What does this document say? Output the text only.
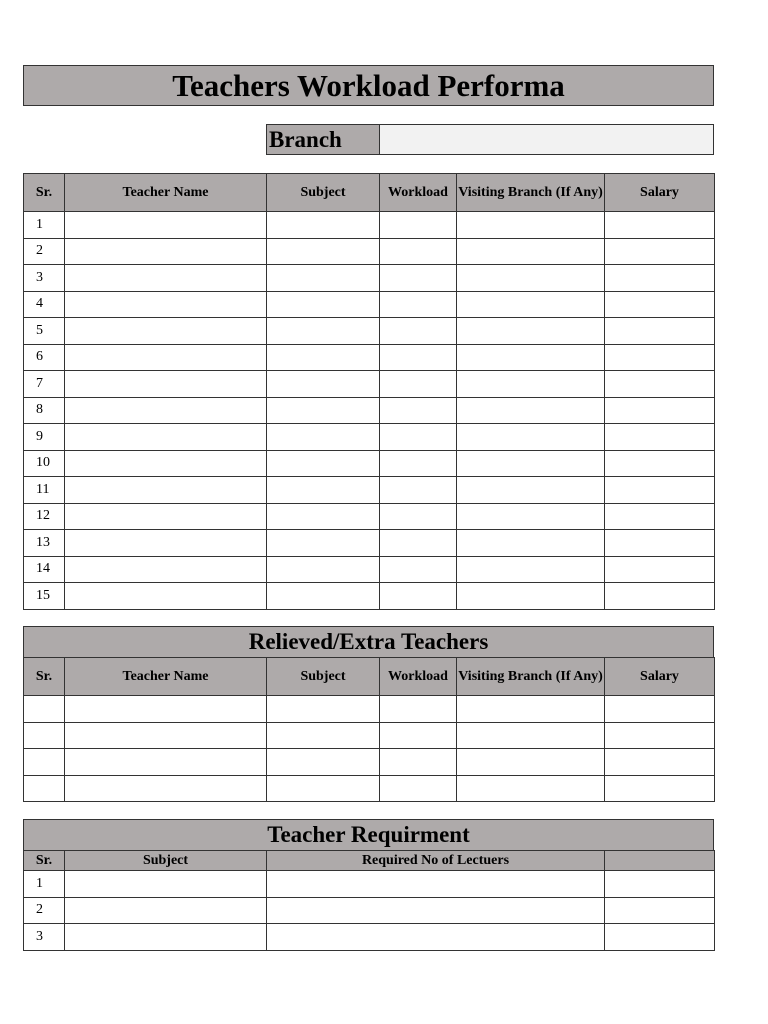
Teachers Workload Performa
Branch
Sr.	Teacher Name	Subject	Workload	Visiting Branch (If Any)	Salary
1					
2					
3					
4					
5					
6					
7					
8					
9					
10					
11					
12					
13					
14					
15					
Relieved/Extra Teachers
Sr.	Teacher Name	Subject	Workload	Visiting Branch (If Any)	Salary

Teacher Requirment
Sr.	Subject	Required No of Lectuers	
1			
2			
3			
